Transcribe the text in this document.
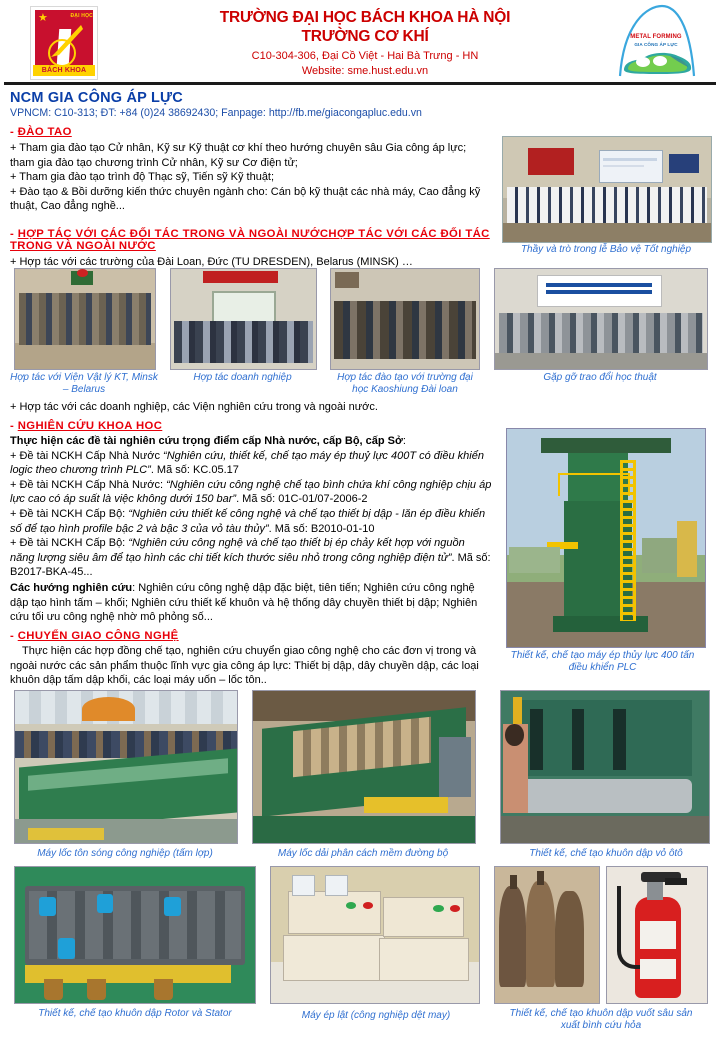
★	ĐẠI HỌC
BÁCH KHOA
TRƯỜNG ĐẠI HỌC BÁCH KHOA HÀ NỘI
TRƯỜNG CƠ KHÍ
C10-304-306, Đại Cồ Việt - Hai Bà Trưng - HN
Website: sme.hust.edu.vn
METAL FORMING
GIA CÔNG ÁP LỰC
NCM GIA CÔNG ÁP LỰC
VPNCM: C10-313; ĐT: +84 (0)24 38692430; Fanpage: http://fb.me/giacongapluc.edu.vn
- ĐÀO TAO
+ Tham gia đào tạo Cử nhân, Kỹ sư Kỹ thuật cơ khí theo hướng chuyên sâu Gia công áp lực; tham gia đào tạo chương trình Cử nhân, Kỹ sư Cơ điện tử;
+ Tham gia đào tạo trình độ Thạc sỹ, Tiến sỹ Kỹ thuật;
+ Đào tạo & Bồi dưỡng kiến thức chuyên ngành cho: Cán bộ kỹ thuật các nhà máy, Cao đẳng kỹ thuật, Cao đẳng nghề...
Thầy và trò trong lễ Bảo vệ Tốt nghiệp
- HỢP TÁC VỚI CÁC ĐỐI TÁC TRONG VÀ NGOÀI NƯỚCHỢP TÁC VỚI CÁC ĐỐI TÁC TRONG VÀ NGOÀI NƯỚC
+ Hợp tác với các trường của Đài Loan, Đức (TU DRESDEN), Belarus (MINSK) …
Hợp tác với Viện Vật lý KT, Minsk – Belarus
Hợp tác doanh nghiệp	Hợp tác đào tạo với trường đại học Kaoshiung Đài loan
Gặp gỡ trao đổi học thuật
+ Hợp tác với các doanh nghiệp, các Viện nghiên cứu trong và ngoài nước.
- NGHIÊN CỨU KHOA HOC
Thực hiện các đề tài nghiên cứu trọng điểm cấp Nhà nước, cấp Bộ, cấp Sở:
+ Đề tài NCKH Cấp Nhà Nước “Nghiên cứu, thiết kế, chế tạo máy ép thuỷ lực 400T có điều khiển logic theo chương trình PLC”. Mã số: KC.05.17
+ Đề tài NCKH Cấp Nhà Nước: “Nghiên cứu công nghệ chế tạo bình chứa khí công nghiệp chịu áp lực cao có áp suất là việc không dưới 150 bar”. Mã số: 01C-01/07-2006-2
+ Đề tài NCKH Cấp Bộ: “Nghiên cứu thiết kế công nghệ và chế tạo thiết bị dập - lăn ép điều khiển số để tạo hình profile bậc 2 và bậc 3 của vỏ tàu thủy”. Mã số: B2010-01-10
+ Đề tài NCKH Cấp Bộ: “Nghiên cứu công nghệ và chế tạo thiết bị ép chảy kết hợp với nguồn năng lượng siêu âm để tạo hình các chi tiết kích thước siêu nhỏ trong công nghiệp điện tử”. Mã số: B2017-BKA-45...
Các hướng nghiên cứu: Nghiên cứu công nghệ dập đặc biệt, tiên tiến; Nghiên cứu công nghệ dập tạo hình tấm – khối; Nghiên cứu thiết kế khuôn và hệ thống dây chuyền thiết bị dập; Nghiên cứu tối ưu công nghệ nhờ mô phỏng số...
Thiết kế, chế tạo máy ép thủy lực 400 tấn
điều khiển PLC
- CHUYỂN GIAO CÔNG NGHỆ
Thực hiện các hợp đồng chế tạo, nghiên cứu chuyển giao công nghệ cho các đơn vị trong và ngoài nước các sản phẩm thuộc lĩnh vực gia công áp lực: Thiết bị dập, dây chuyền dập, các loại khuôn dập tấm dập khối, các loại máy uốn – lốc tôn..
Máy lốc tôn sóng công nghiệp (tấm lợp)	Máy lốc dải phân cách mềm đường bộ	Thiết kế, chế tạo khuôn dập vỏ ôtô
Thiết kế, chế tạo khuôn dập Rotor và Stator	Máy ép lật (công nghiệp dệt may)	Thiết kế, chế tạo khuôn dập vuốt sâu sản
xuất bình cứu hỏa
